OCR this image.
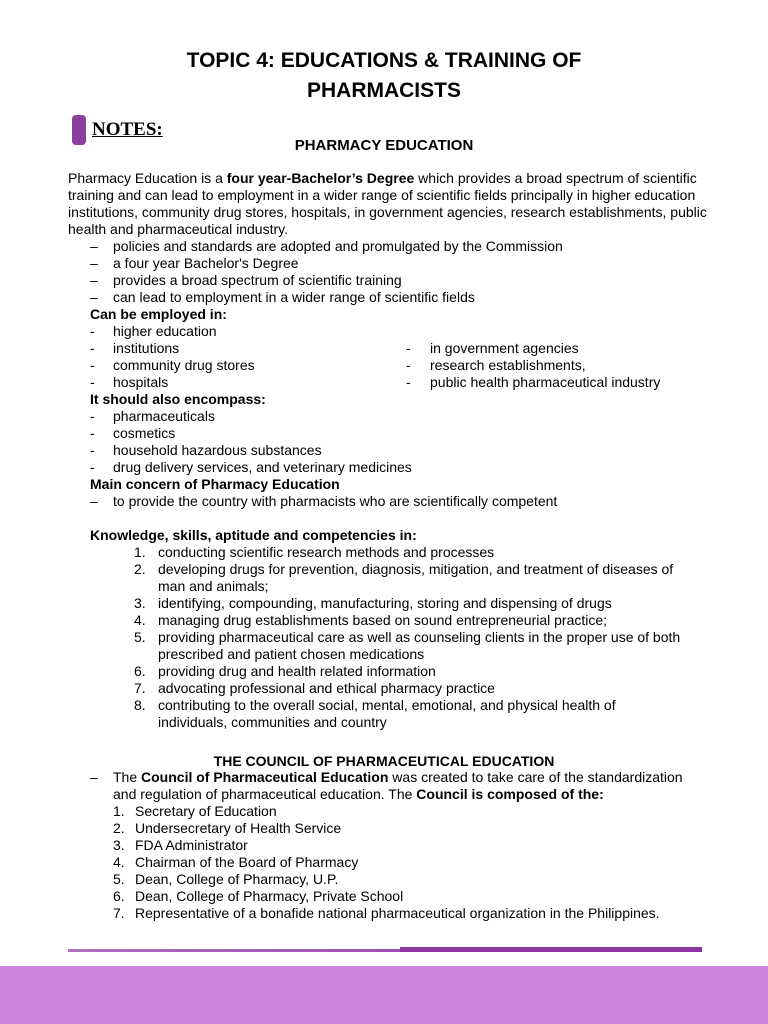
TOPIC 4: EDUCATIONS & TRAINING OF
PHARMACISTS
NOTES:
PHARMACY EDUCATION

Pharmacy Education is a four year-Bachelor’s Degree which provides a broad spectrum of scientific training and can lead to employment in a wider range of scientific fields principally in higher education institutions, community drug stores, hospitals, in government agencies, research establishments, public health and pharmaceutical industry.

– policies and standards are adopted and promulgated by the Commission
– a four year Bachelor's Degree
– provides a broad spectrum of scientific training
– can lead to employment in a wider range of scientific fields

Can be employed in:

- higher education
- institutions
- community drug stores
- hospitals
- in government agencies
- research establishments,
- public health pharmaceutical industry

It should also encompass:

- pharmaceuticals
- cosmetics
- household hazardous substances
- drug delivery services, and veterinary medicines

Main concern of Pharmacy Education

– to provide the country with pharmacists who are scientifically competent

Knowledge, skills, aptitude and competencies in:

1. conducting scientific research methods and processes
2. developing drugs for prevention, diagnosis, mitigation, and treatment of diseases of
man and animals;
3. identifying, compounding, manufacturing, storing and dispensing of drugs
4. managing drug establishments based on sound entrepreneurial practice;
5. providing pharmaceutical care as well as counseling clients in the proper use of both
prescribed and patient chosen medications
6. providing drug and health related information
7. advocating professional and ethical pharmacy practice
8. contributing to the overall social, mental, emotional, and physical health of
individuals, communities and country
THE COUNCIL OF PHARMACEUTICAL EDUCATION
– The Council of Pharmaceutical Education was created to take care of the standardization and regulation of pharmaceutical education. The Council is composed of the:
1. Secretary of Education
2. Undersecretary of Health Service
3. FDA Administrator
4. Chairman of the Board of Pharmacy
5. Dean, College of Pharmacy, U.P.
6. Dean, College of Pharmacy, Private School
7. Representative of a bonafide national pharmaceutical organization in the Philippines.
